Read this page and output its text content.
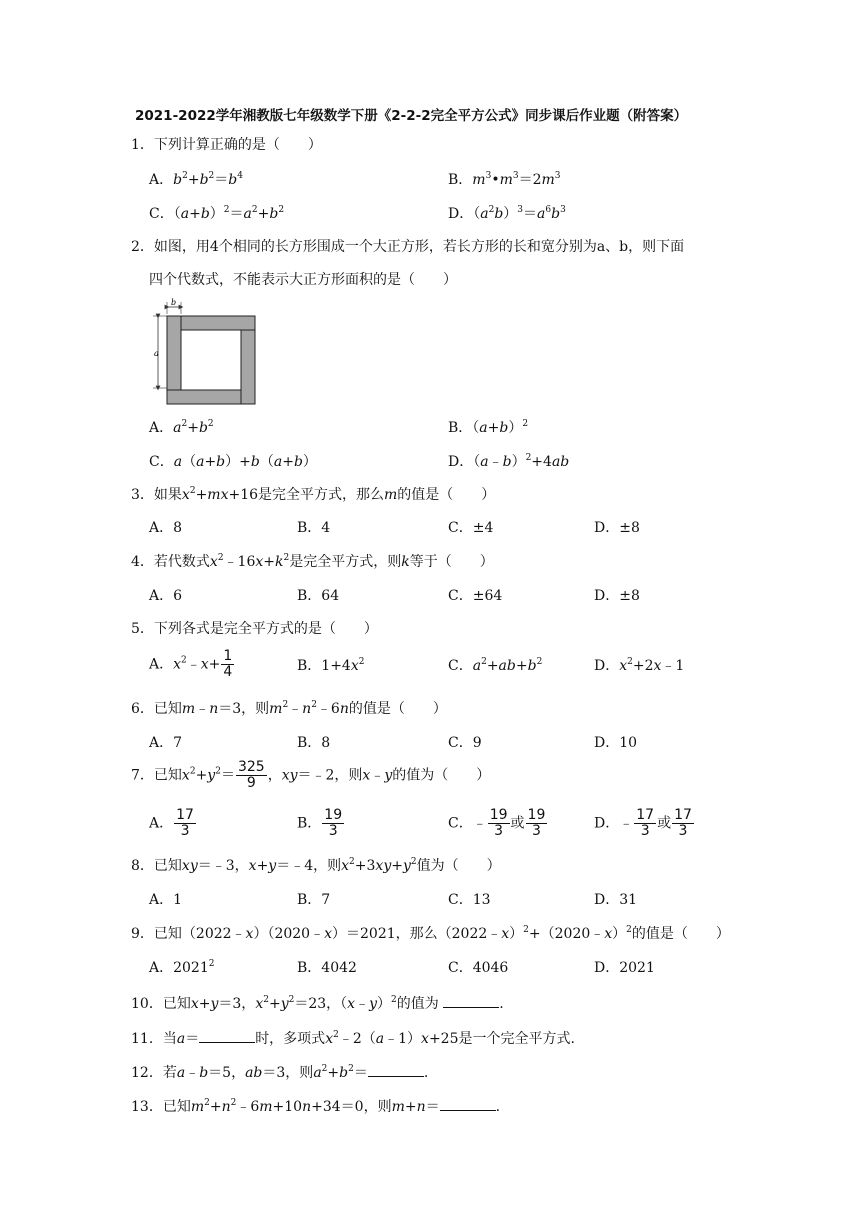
2021-2022学年湘教版七年级数学下册《2-2-2完全平方公式》同步课后作业题（附答案）
1．下列计算正确的是（　　）
A．$b^2+b^2=b^4$	B．$m^3•m^3=2m^3$
C．$(a+b)^2=a^2+b^2$	D．$(a^2b)^3=a^6b^3$
2．如图，用4个相同的长方形围成一个大正方形，若长方形的长和宽分别为a、b，则下面
四个代数式，不能表示大正方形面积的是（　　）
b
a
A．$a^2+b^2$	B．$(a+b)^2$
C．a（a+b）+b（a+b）	D．（a﹣b）$^2$+4ab
3．如果$x^2+mx+16$是完全平方式，那么m的值是（　　）
A．8	B．4	C．±4	D．±8
4．若代数式$x^2﹣16x+k^2$是完全平方式，则k等于（　　）
A．6	B．64	C．±64	D．±8
5．下列各式是完全平方式的是（　　）
A．$x^2﹣x+ \frac{1}{4}$	B．$1+4x^2$	C．$a^2+ab+b^2$	D．$x^2+2x﹣1$
6．已知m﹣n＝3，则$m^2﹣n^2﹣6n$的值是（　　）
A．7	B．8	C．9	D．10
7．已知$x^2+y^2= \frac{325}{9}$ ，xy＝﹣2，则x﹣y的值为（　　）
A． $\frac{17}{3}$	B． $\frac{19}{3}$	C．﹣ $\frac{19}{3}$ 或 $\frac{19}{3}$	D．﹣ $\frac{17}{3}$ 或 $\frac{17}{3}$
8．已知xy＝﹣3，x+y＝﹣4，则$x^2+3xy+y^2$值为（　　）
A．1	B．7	C．13	D．31
9．已知（2022﹣x）（2020﹣x）＝2021，那么（2022﹣x）$^2$+（2020﹣x）$^2$的值是（　　）
A．2021$^2$	B．4042	C．4046	D．2021
10．已知x+y＝3，$x^2+y^2=23$，（x﹣y）$^2$的值为	.
11．当a＝	时，多项式$x^2﹣2(a﹣1)x+25$是一个完全平方式.
12．若a﹣b＝5，ab＝3，则$a^2+b^2=$	.
13．已知$m^2+n^2﹣6m+10n+34=0$，则m+n＝	.
